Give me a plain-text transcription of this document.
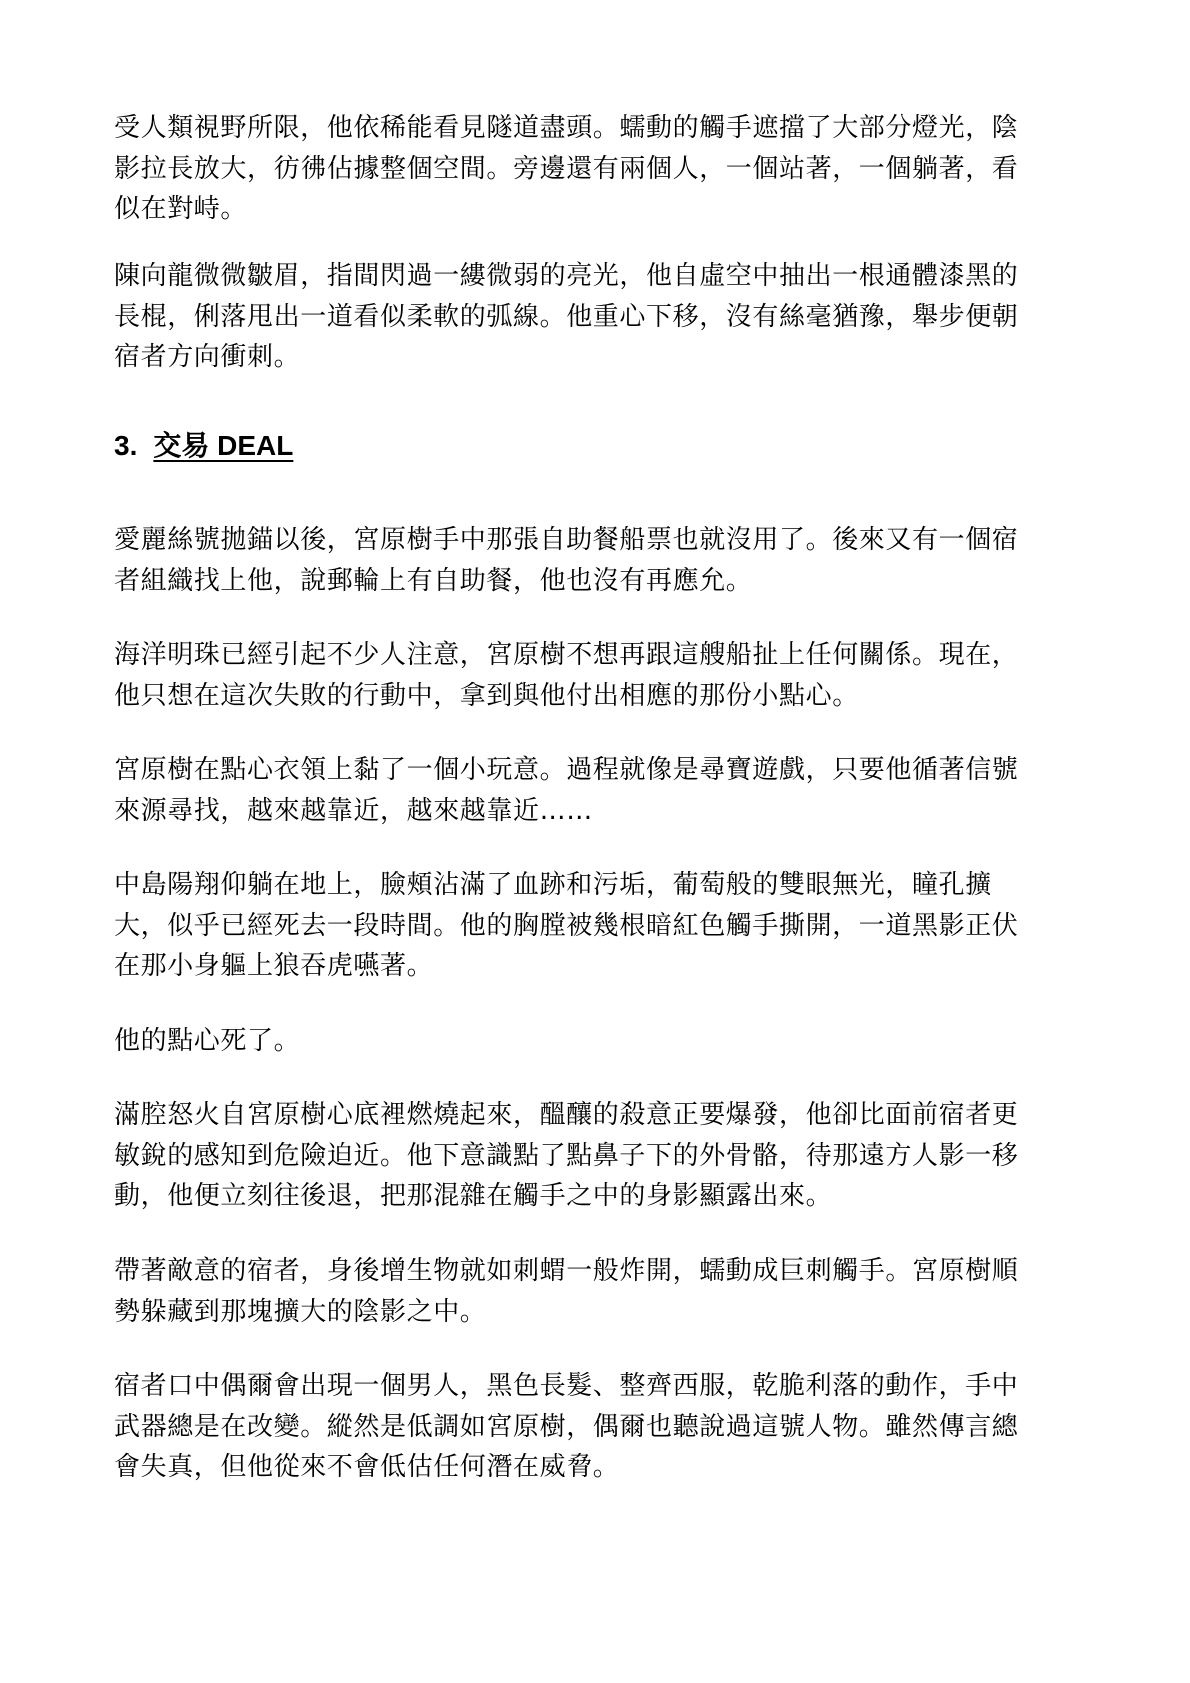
受人類視野所限，他依稀能看見隧道盡頭。蠕動的觸手遮擋了大部分燈光，陰
影拉長放大，彷彿佔據整個空間。旁邊還有兩個人，一個站著，一個躺著，看
似在對峙。

陳向龍微微皺眉，指間閃過一縷微弱的亮光，他自虛空中抽出一根通體漆黑的
長棍，俐落甩出一道看似柔軟的弧線。他重心下移，沒有絲毫猶豫，舉步便朝
宿者方向衝刺。

3. 交易 DEAL

愛麗絲號拋錨以後，宮原樹手中那張自助餐船票也就沒用了。後來又有一個宿
者組織找上他，說郵輪上有自助餐，他也沒有再應允。

海洋明珠已經引起不少人注意，宮原樹不想再跟這艘船扯上任何關係。現在，
他只想在這次失敗的行動中，拿到與他付出相應的那份小點心。

宮原樹在點心衣領上黏了一個小玩意。過程就像是尋寶遊戲，只要他循著信號
來源尋找，越來越靠近，越來越靠近……

中島陽翔仰躺在地上，臉頰沾滿了血跡和污垢，葡萄般的雙眼無光，瞳孔擴
大，似乎已經死去一段時間。他的胸膛被幾根暗紅色觸手撕開，一道黑影正伏
在那小身軀上狼吞虎嚥著。

他的點心死了。

滿腔怒火自宮原樹心底裡燃燒起來，醞釀的殺意正要爆發，他卻比面前宿者更
敏銳的感知到危險迫近。他下意識點了點鼻子下的外骨骼，待那遠方人影一移
動，他便立刻往後退，把那混雜在觸手之中的身影顯露出來。

帶著敵意的宿者，身後增生物就如刺蝟一般炸開，蠕動成巨刺觸手。宮原樹順
勢躲藏到那塊擴大的陰影之中。

宿者口中偶爾會出現一個男人，黑色長髮、整齊西服，乾脆利落的動作，手中
武器總是在改變。縱然是低調如宮原樹，偶爾也聽說過這號人物。雖然傳言總
會失真，但他從來不會低估任何潛在威脅。
